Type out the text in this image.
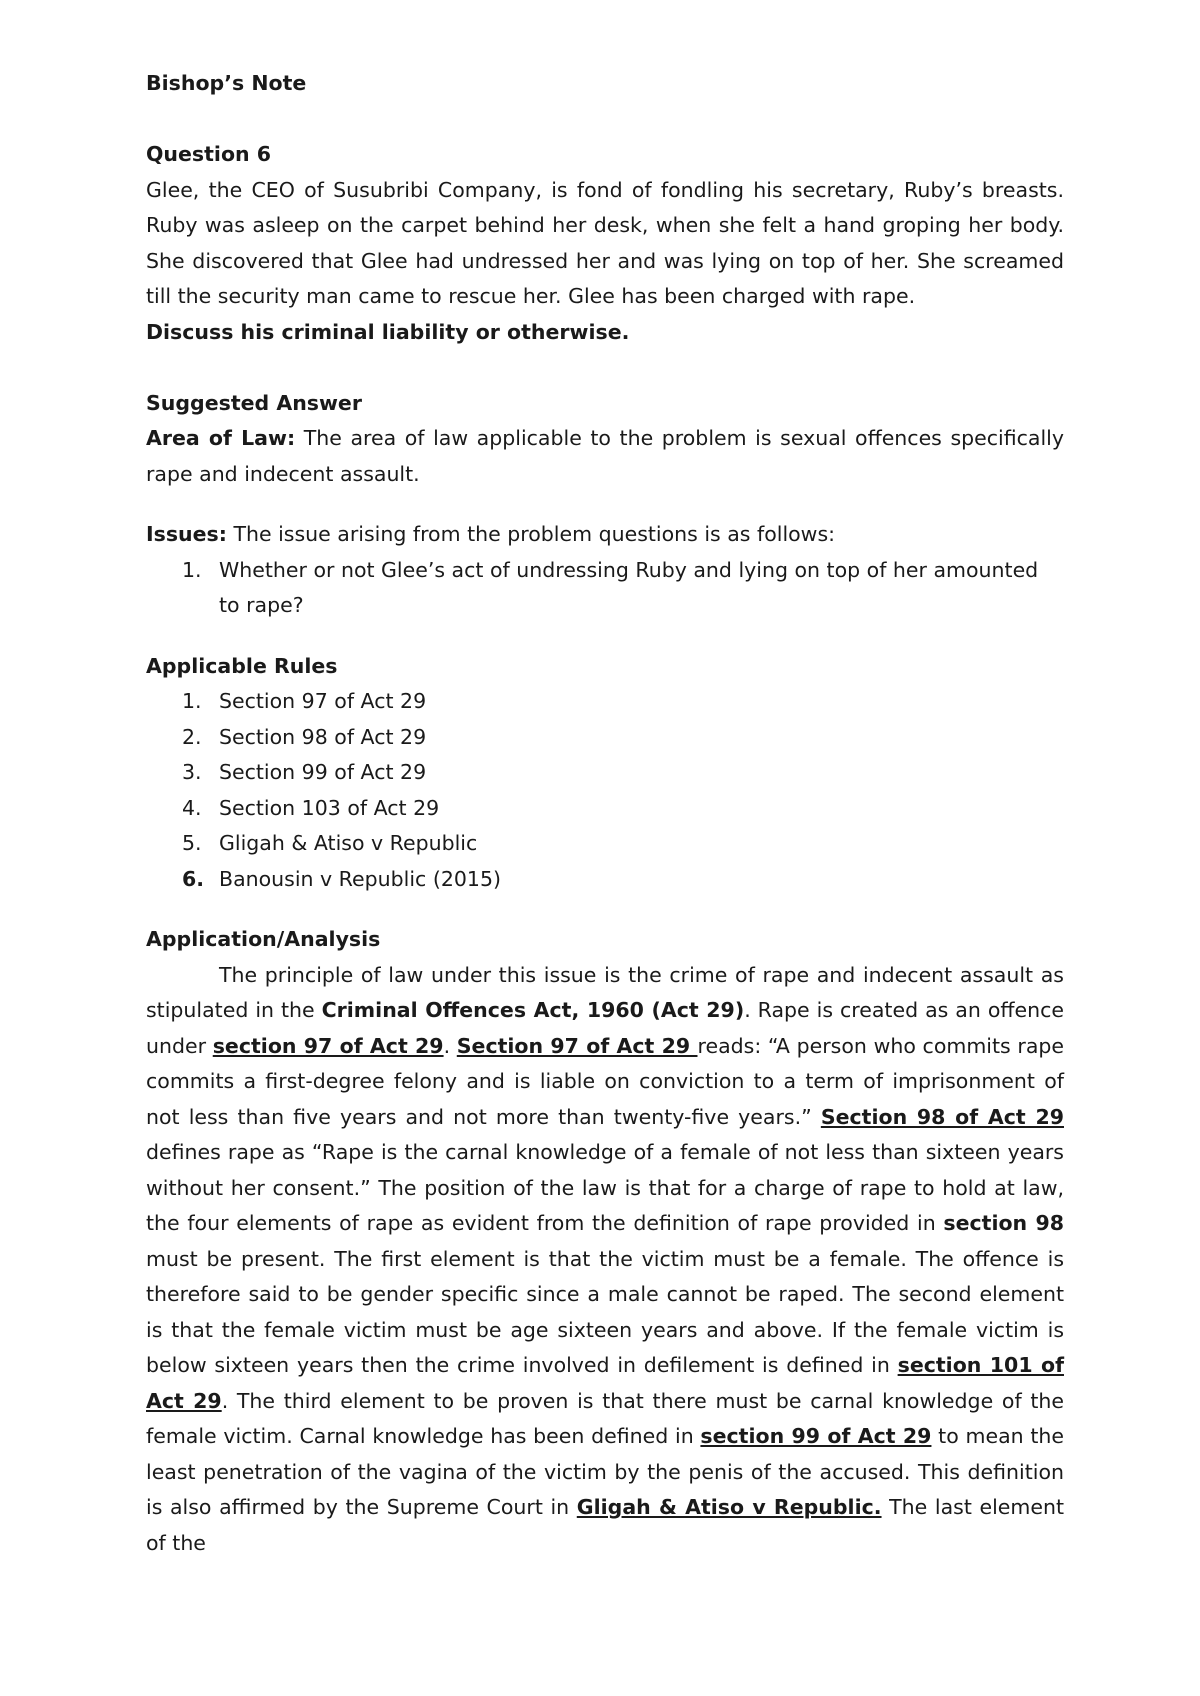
Bishop’s Note

Question 6

Glee, the CEO of Susubribi Company, is fond of fondling his secretary, Ruby’s breasts. Ruby was asleep on the carpet behind her desk, when she felt a hand groping her body. She discovered that Glee had undressed her and was lying on top of her. She screamed till the security man came to rescue her. Glee has been charged with rape.

Discuss his criminal liability or otherwise.

Suggested Answer

Area of Law: The area of law applicable to the problem is sexual offences specifically rape and indecent assault.

Issues: The issue arising from the problem questions is as follows:

1. Whether or not Glee’s act of undressing Ruby and lying on top of her amounted to rape?

Applicable Rules

1. Section 97 of Act 29
2. Section 98 of Act 29
3. Section 99 of Act 29
4. Section 103 of Act 29
5. Gligah & Atiso v Republic
6. Banousin v Republic (2015)

Application/Analysis

The principle of law under this issue is the crime of rape and indecent assault as stipulated in the Criminal Offences Act, 1960 (Act 29). Rape is created as an offence under section 97 of Act 29. Section 97 of Act 29 reads: “A person who commits rape commits a first-degree felony and is liable on conviction to a term of imprisonment of not less than five years and not more than twenty-five years.” Section 98 of Act 29 defines rape as “Rape is the carnal knowledge of a female of not less than sixteen years without her consent.” The position of the law is that for a charge of rape to hold at law, the four elements of rape as evident from the definition of rape provided in section 98 must be present. The first element is that the victim must be a female. The offence is therefore said to be gender specific since a male cannot be raped. The second element is that the female victim must be age sixteen years and above. If the female victim is below sixteen years then the crime involved in defilement is defined in section 101 of Act 29. The third element to be proven is that there must be carnal knowledge of the female victim. Carnal knowledge has been defined in section 99 of Act 29 to mean the least penetration of the vagina of the victim by the penis of the accused. This definition is also affirmed by the Supreme Court in Gligah & Atiso v Republic. The last element of the
